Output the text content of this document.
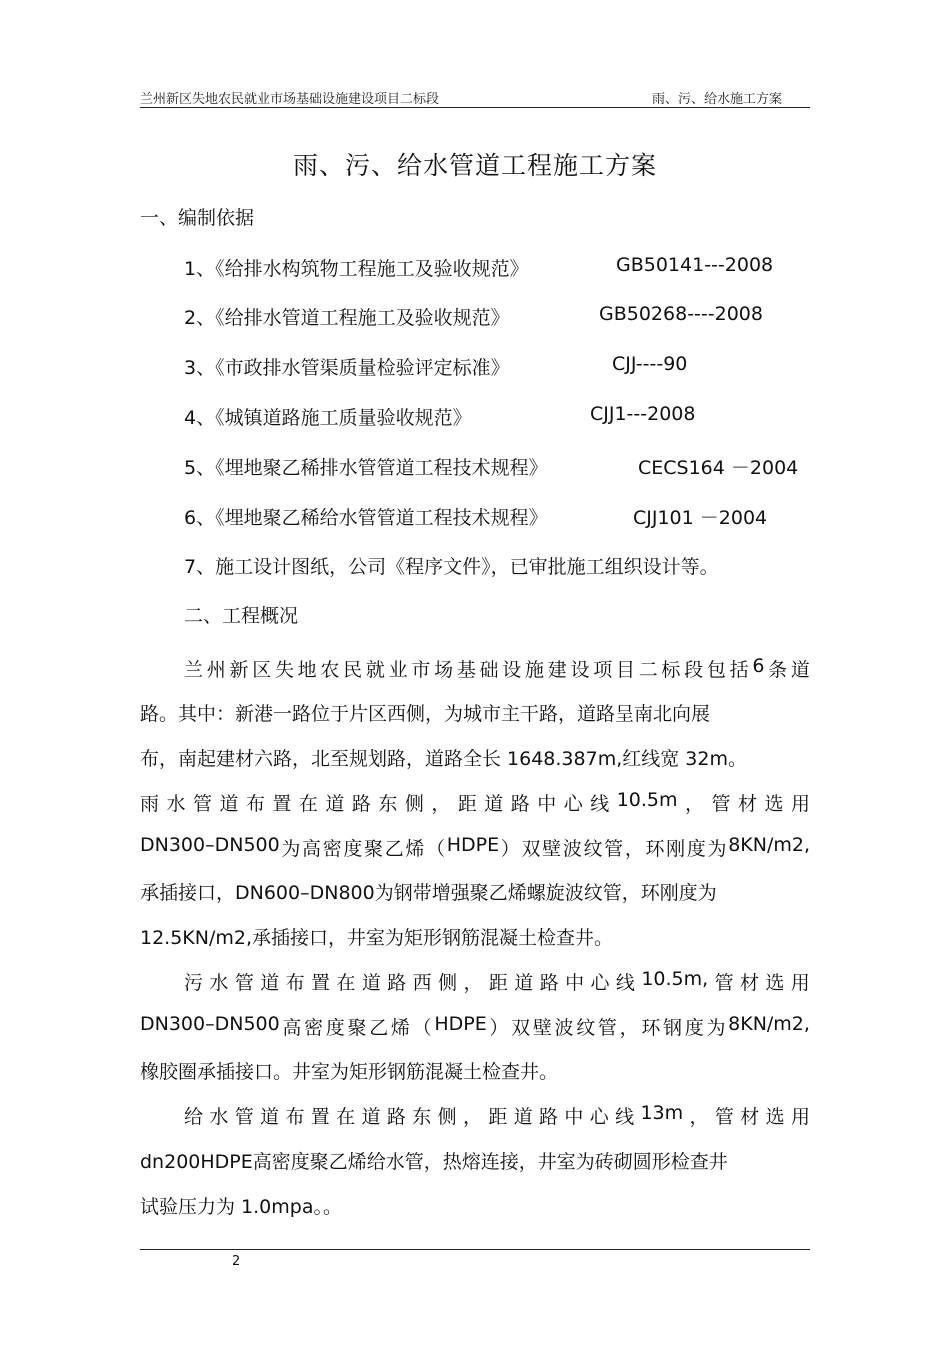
兰州新区失地农民就业市场基础设施建设项目二标段	雨、污、给水施工方案
雨、污、给水管道工程施工方案
一、编制依据
1、《给排水构筑物工程施工及验收规范》	GB50141---2008
2、《给排水管道工程施工及验收规范》	GB50268----2008
3、《市政排水管渠质量检验评定标准》	CJJ----90
4、《城镇道路施工质量验收规范》	CJJ1---2008
5、《埋地聚乙稀排水管管道工程技术规程》	CECS164 －2004
6、《埋地聚乙稀给水管管道工程技术规程》	CJJ101 －2004
7、施工设计图纸，公司《程序文件》，已审批施工组织设计等。
二、工程概况
兰 州 新 区 失 地 农 民 就 业 市 场 基 础 设 施 建 设 项 目 二 标 段 包 括 6 条 道
路。其中：新港一路位于片区西侧，为城市主干路，道路呈南北向展
布，南起建材六路，北至规划路，道路全长 1648.387m,红线宽 32m。
雨 水 管 道 布 置 在 道 路 东 侧 ， 距 道 路 中 心 线 10.5m ， 管 材 选 用
DN300–DN500 为 高 密 度 聚 乙 烯 （ HDPE ） 双 壁 波 纹 管 ， 环 刚 度 为 8KN/m2,
承插接口，DN600–DN800为钢带增强聚乙烯螺旋波纹管，环刚度为
12.5KN/m2,承插接口，井室为矩形钢筋混凝土检查井。
污 水 管 道 布 置 在 道 路 西 侧 ， 距 道 路 中 心 线 10.5m, 管 材 选 用
DN300–DN500 高 密 度 聚 乙 烯 （ HDPE ） 双 壁 波 纹 管 ， 环 钢 度 为 8KN/m2,
橡胶圈承插接口。井室为矩形钢筋混凝土检查井。
给 水 管 道 布 置 在 道 路 东 侧 ， 距 道 路 中 心 线 13m ， 管 材 选 用
dn200HDPE高密度聚乙烯给水管，热熔连接，井室为砖砌圆形检查井
试验压力为 1.0mpa。。
2
